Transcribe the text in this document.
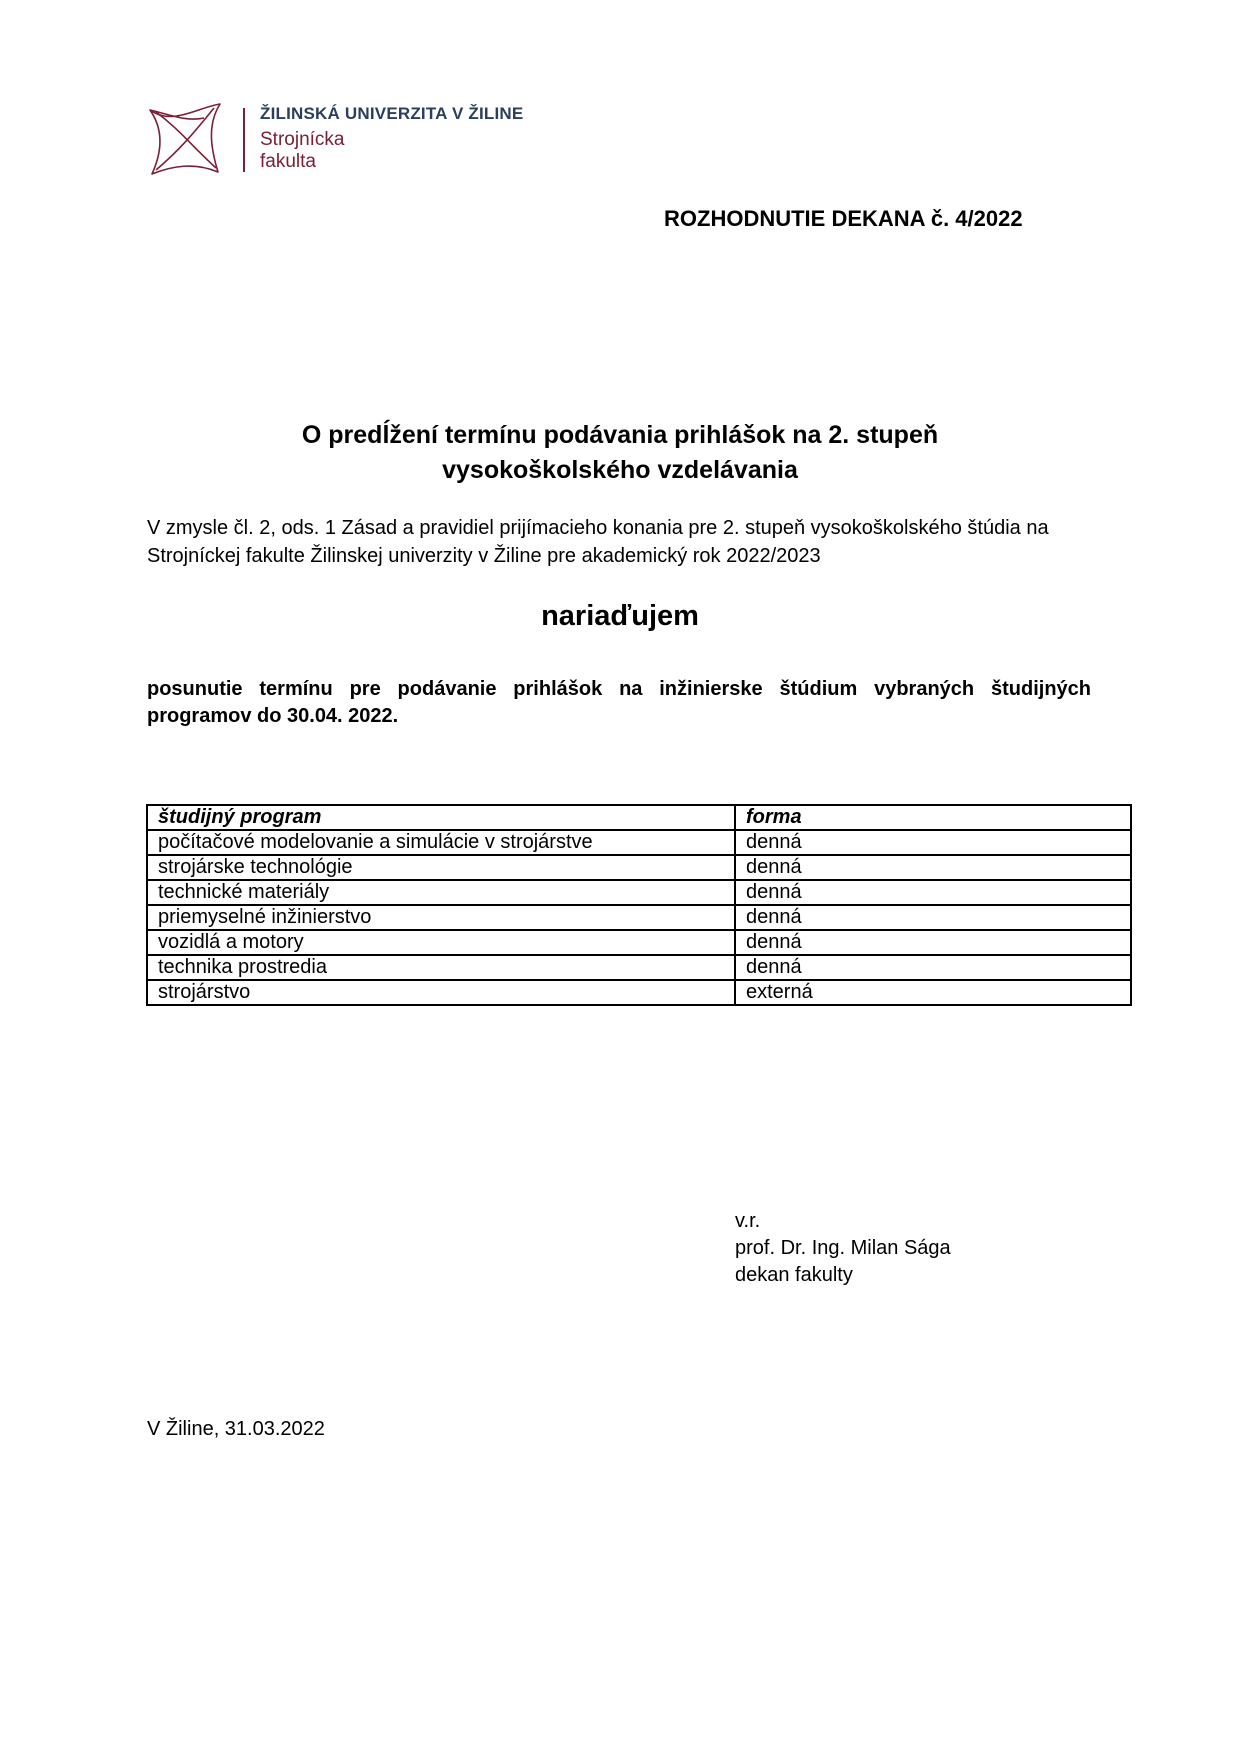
ŽILINSKÁ UNIVERZITA V ŽILINE
Strojnícka
fakulta
ROZHODNUTIE DEKANA č. 4/2022
O predĺžení termínu podávania prihlášok na 2. stupeň
vysokoškolského vzdelávania
V zmysle čl. 2, ods. 1 Zásad a pravidiel prijímacieho konania pre 2. stupeň vysokoškolského štúdia na Strojníckej fakulte Žilinskej univerzity v Žiline pre akademický rok 2022/2023
nariaďujem
posunutie termínu pre podávanie prihlášok na inžinierske štúdium vybraných študijných programov do 30.04. 2022.
študijný program	forma
počítačové modelovanie a simulácie v strojárstve	denná
strojárske technológie	denná
technické materiály	denná
priemyselné inžinierstvo	denná
vozidlá a motory	denná
technika prostredia	denná
strojárstvo	externá
v.r.
prof. Dr. Ing. Milan Sága
dekan fakulty
V Žiline, 31.03.2022
